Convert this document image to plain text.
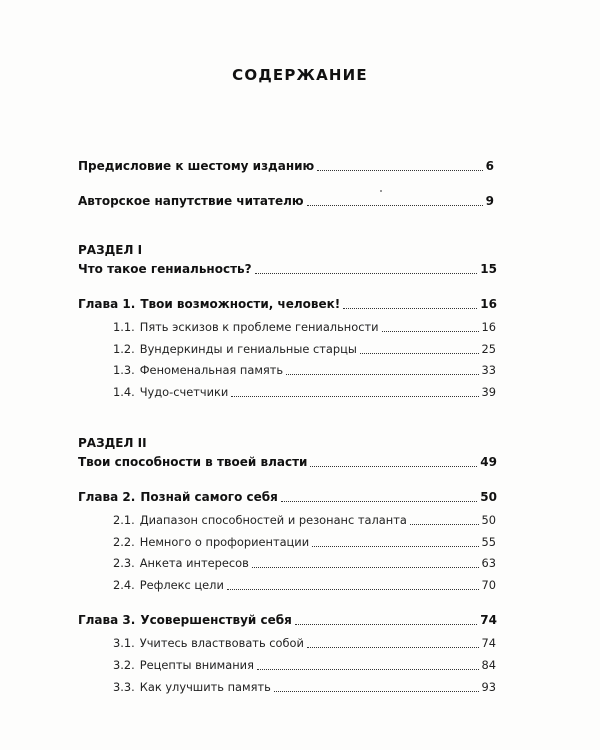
СОДЕРЖАНИЕ
Предисловие к шестому изданию	6
Авторское напутствие читателю	9
РАЗДЕЛ I
Что такое гениальность?	15
Глава 1. Твои возможности, человек!	16
1.1. Пять эскизов к проблеме гениальности	16
1.2. Вундеркинды и гениальные старцы	25
1.3. Феноменальная память	33
1.4. Чудо-счетчики	39
РАЗДЕЛ II
Твои способности в твоей власти	49
Глава 2. Познай самого себя	50
2.1. Диапазон способностей и резонанс таланта	50
2.2. Немного о профориентации	55
2.3. Анкета интересов	63
2.4. Рефлекс цели	70
Глава 3. Усовершенствуй себя	74
3.1. Учитесь властвовать собой	74
3.2. Рецепты внимания	84
3.3. Как улучшить память	93
